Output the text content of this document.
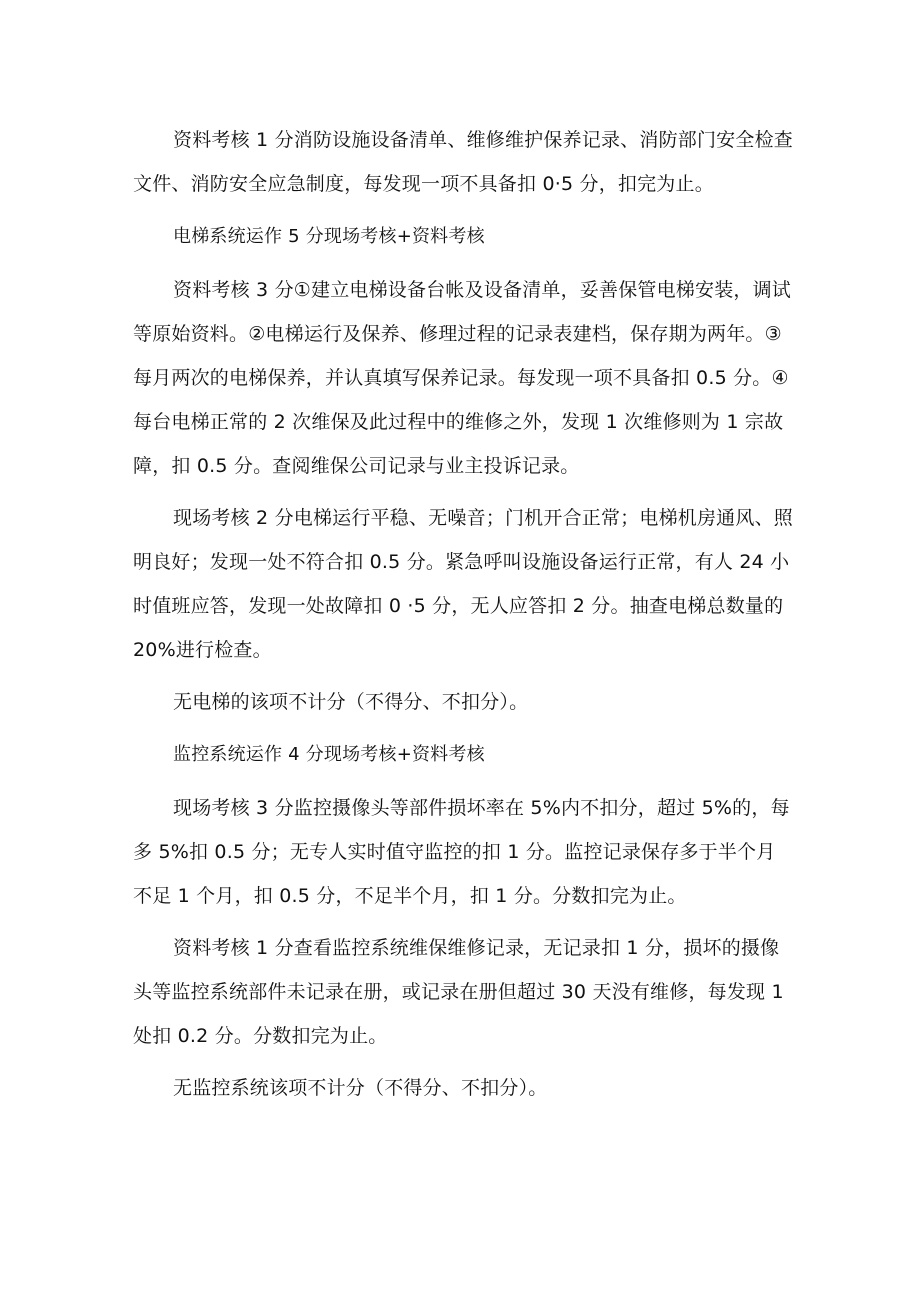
资料考核 1 分消防设施设备清单、维修维护保养记录、消防部门安全检查文件、消防安全应急制度，每发现一项不具备扣 0·5 分，扣完为止。

电梯系统运作 5 分现场考核+资料考核

资料考核 3 分①建立电梯设备台帐及设备清单，妥善保管电梯安装，调试等原始资料。②电梯运行及保养、修理过程的记录表建档，保存期为两年。③每月两次的电梯保养，并认真填写保养记录。每发现一项不具备扣 0.5 分。④每台电梯正常的 2 次维保及此过程中的维修之外，发现 1 次维修则为 1 宗故障，扣 0.5 分。查阅维保公司记录与业主投诉记录。

现场考核 2 分电梯运行平稳、无噪音；门机开合正常；电梯机房通风、照明良好；发现一处不符合扣 0.5 分。紧急呼叫设施设备运行正常，有人 24 小时值班应答，发现一处故障扣 0 ·5 分，无人应答扣 2 分。抽查电梯总数量的 20%进行检查。

无电梯的该项不计分（不得分、不扣分）。

监控系统运作 4 分现场考核+资料考核

现场考核 3 分监控摄像头等部件损坏率在 5%内不扣分，超过 5%的，每多 5%扣 0.5 分；无专人实时值守监控的扣 1 分。监控记录保存多于半个月不足 1 个月，扣 0.5 分，不足半个月，扣 1 分。分数扣完为止。

资料考核 1 分查看监控系统维保维修记录，无记录扣 1 分，损坏的摄像头等监控系统部件未记录在册，或记录在册但超过 30 天没有维修，每发现 1 处扣 0.2 分。分数扣完为止。

无监控系统该项不计分（不得分、不扣分）。
